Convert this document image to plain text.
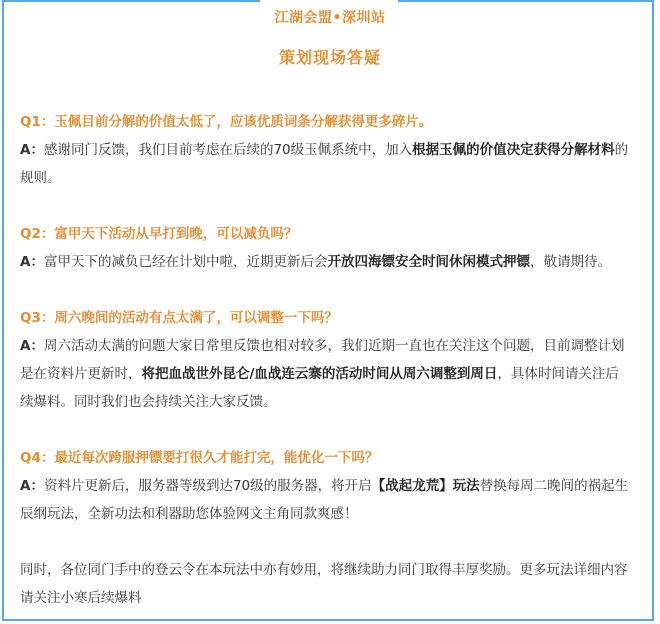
江湖会盟•深圳站
策划现场答疑
Q1：玉佩目前分解的价值太低了，应该优质词条分解获得更多碎片。
A：感谢同门反馈，我们目前考虑在后续的70级玉佩系统中，加入根据玉佩的价值决定获得分解材料的规则。
Q2：富甲天下活动从早打到晚，可以减负吗？
A：富甲天下的减负已经在计划中啦，近期更新后会开放四海镖安全时间休闲模式押镖，敬请期待。
Q3：周六晚间的活动有点太满了，可以调整一下吗？
A：周六活动太满的问题大家日常里反馈也相对较多，我们近期一直也在关注这个问题，目前调整计划是在资料片更新时，将把血战世外昆仑/血战连云寨的活动时间从周六调整到周日，具体时间请关注后续爆料。同时我们也会持续关注大家反馈。
Q4：最近每次跨服押镖要打很久才能打完，能优化一下吗？
A：资料片更新后，服务器等级到达70级的服务器，将开启【战起龙荒】玩法替换每周二晚间的祸起生辰纲玩法，全新功法和利器助您体验网文主角同款爽感！
同时，各位同门手中的登云令在本玩法中亦有妙用，将继续助力同门取得丰厚奖励。更多玩法详细内容请关注小寒后续爆料
